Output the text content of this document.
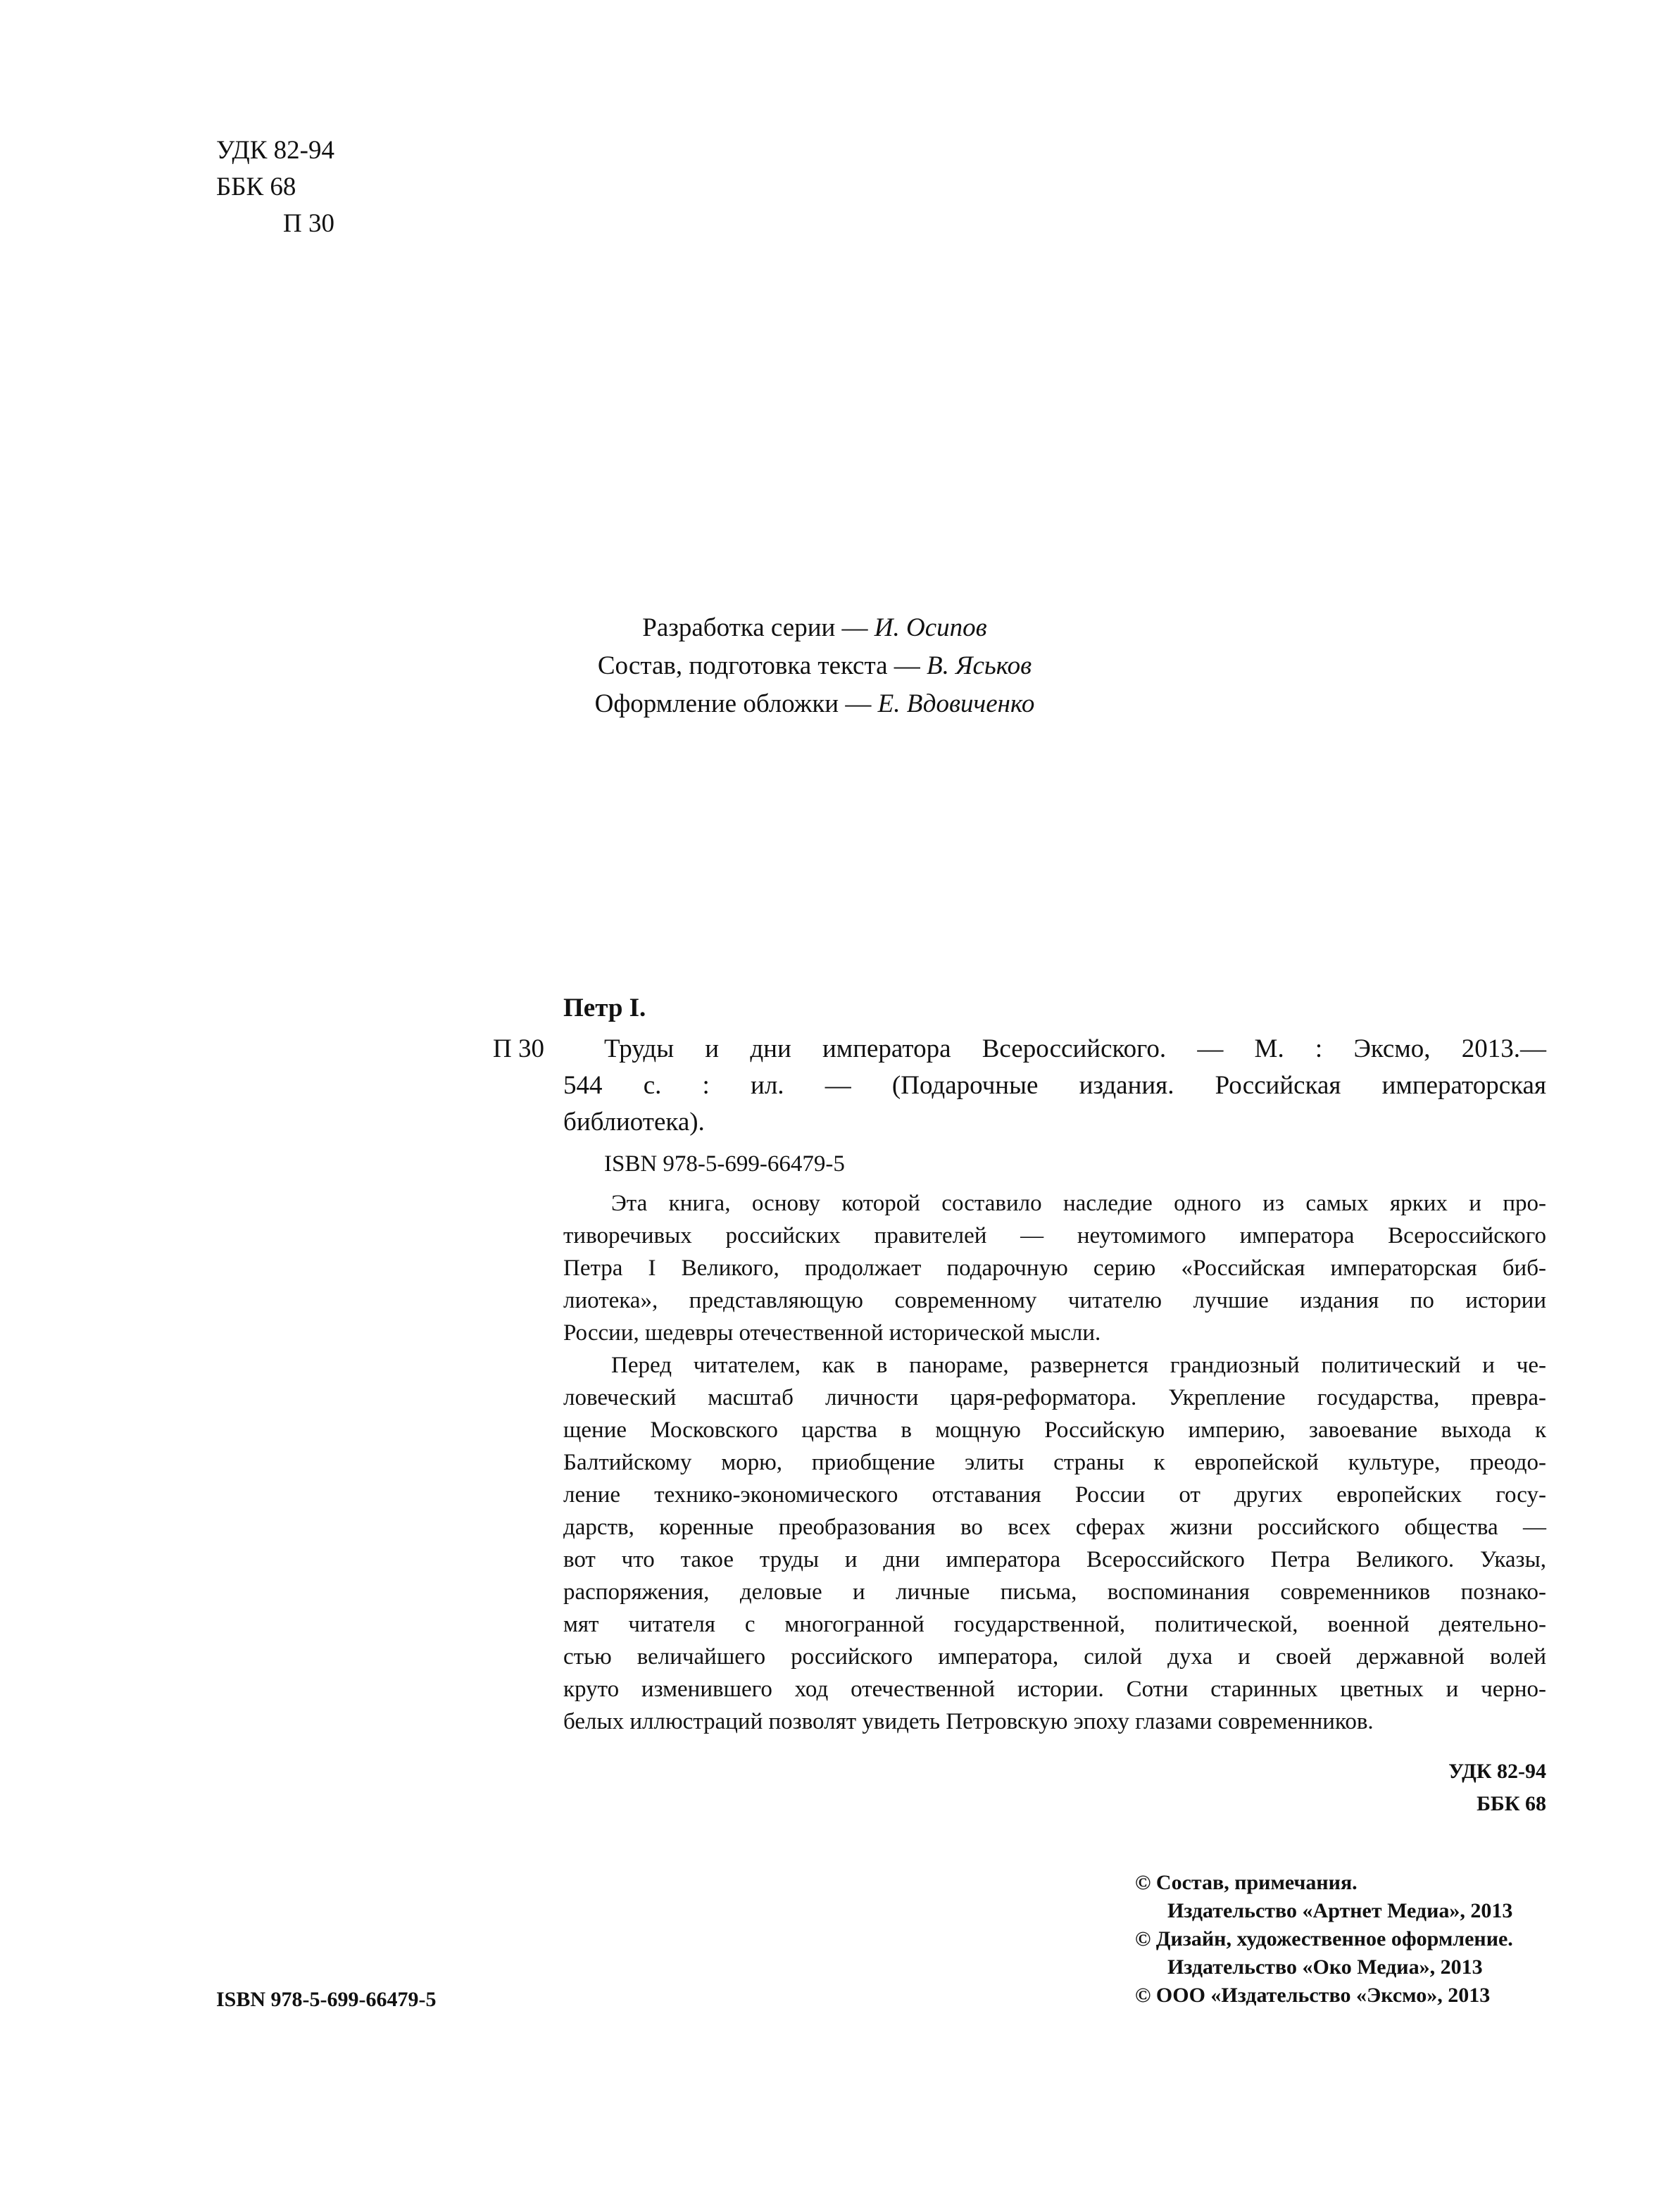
УДК 82-94
ББК 68
П 30
Разработка серии — И. Осипов
Состав, подготовка текста — В. Яськов
Оформление обложки — Е. Вдовиченко
Петр I.
П 30 Труды и дни императора Всероссийского. — М. : Эксмо, 2013.—
544 с. : ил. — (Подарочные издания. Российская императорская
библиотека).
ISBN 978-5-699-66479-5
Эта книга, основу которой составило наследие одного из самых ярких и про-
тиворечивых российских правителей — неутомимого императора Всероссийского
Петра I Великого, продолжает подарочную серию «Российская императорская биб-
лиотека», представляющую современному читателю лучшие издания по истории
России, шедевры отечественной исторической мысли.
Перед читателем, как в панораме, развернется грандиозный политический и че-
ловеческий масштаб личности царя-реформатора. Укрепление государства, превра-
щение Московского царства в мощную Российскую империю, завоевание выхода к
Балтийскому морю, приобщение элиты страны к европейской культуре, преодо-
ление технико-экономического отставания России от других европейских госу-
дарств, коренные преобразования во всех сферах жизни российского общества —
вот что такое труды и дни императора Всероссийского Петра Великого. Указы,
распоряжения, деловые и личные письма, воспоминания современников познако-
мят читателя с многогранной государственной, политической, военной деятельно-
стью величайшего российского императора, силой духа и своей державной волей
круто изменившего ход отечественной истории. Сотни старинных цветных и черно-
белых иллюстраций позволят увидеть Петровскую эпоху глазами современников.
УДК 82-94
ББК 68
ISBN 978-5-699-66479-5
© Состав, примечания.
Издательство «Артнет Медиа», 2013
© Дизайн, художественное оформление.
Издательство «Око Медиа», 2013
© ООО «Издательство «Эксмо», 2013
